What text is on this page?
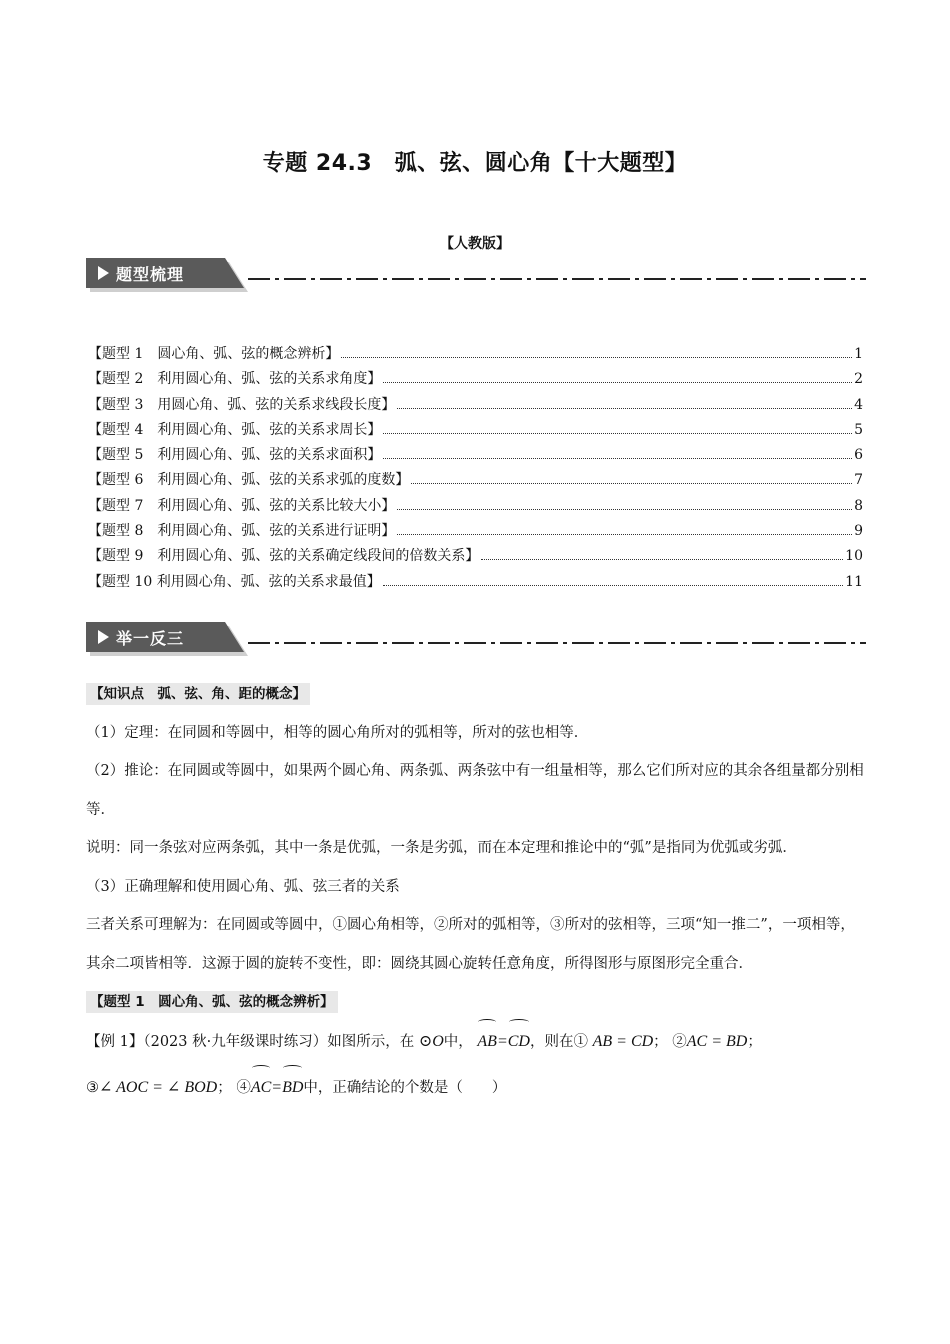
专题 24.3　弧、弦、圆心角【十大题型】
【人教版】
题型梳理
【题型 1　圆心角、弧、弦的概念辨析】	1
【题型 2　利用圆心角、弧、弦的关系求角度】	2
【题型 3　用圆心角、弧、弦的关系求线段长度】	4
【题型 4　利用圆心角、弧、弦的关系求周长】	5
【题型 5　利用圆心角、弧、弦的关系求面积】	6
【题型 6　利用圆心角、弧、弦的关系求弧的度数】	7
【题型 7　利用圆心角、弧、弦的关系比较大小】	8
【题型 8　利用圆心角、弧、弦的关系进行证明】	9
【题型 9　利用圆心角、弧、弦的关系确定线段间的倍数关系】	10
【题型 10 利用圆心角、弧、弦的关系求最值】	11
举一反三

【知识点　弧、弦、角、距的概念】

（1）定理：在同圆和等圆中，相等的圆心角所对的弧相等，所对的弦也相等．

（2）推论：在同圆或等圆中，如果两个圆心角、两条弧、两条弦中有一组量相等，那么它们所对应的其余各组量都分别相等．

说明：同一条弦对应两条弧，其中一条是优弧，一条是劣弧，而在本定理和推论中的“弧”是指同为优弧或劣弧．

（3）正确理解和使用圆心角、弧、弦三者的关系

三者关系可理解为：在同圆或等圆中，①圆心角相等，②所对的弧相等，③所对的弦相等，三项“知一推二”，一项相等，其余二项皆相等．这源于圆的旋转不变性，即：圆绕其圆心旋转任意角度，所得图形与原图形完全重合．

【题型 1　圆心角、弧、弦的概念辨析】

【例 1】（2023 秋·九年级课时练习）如图所示，在 ⊙O中， AB=CD，则在① AB = CD； ②AC = BD；

③∠ AOC = ∠ BOD； ④AC=BD中，正确结论的个数是（　　）
